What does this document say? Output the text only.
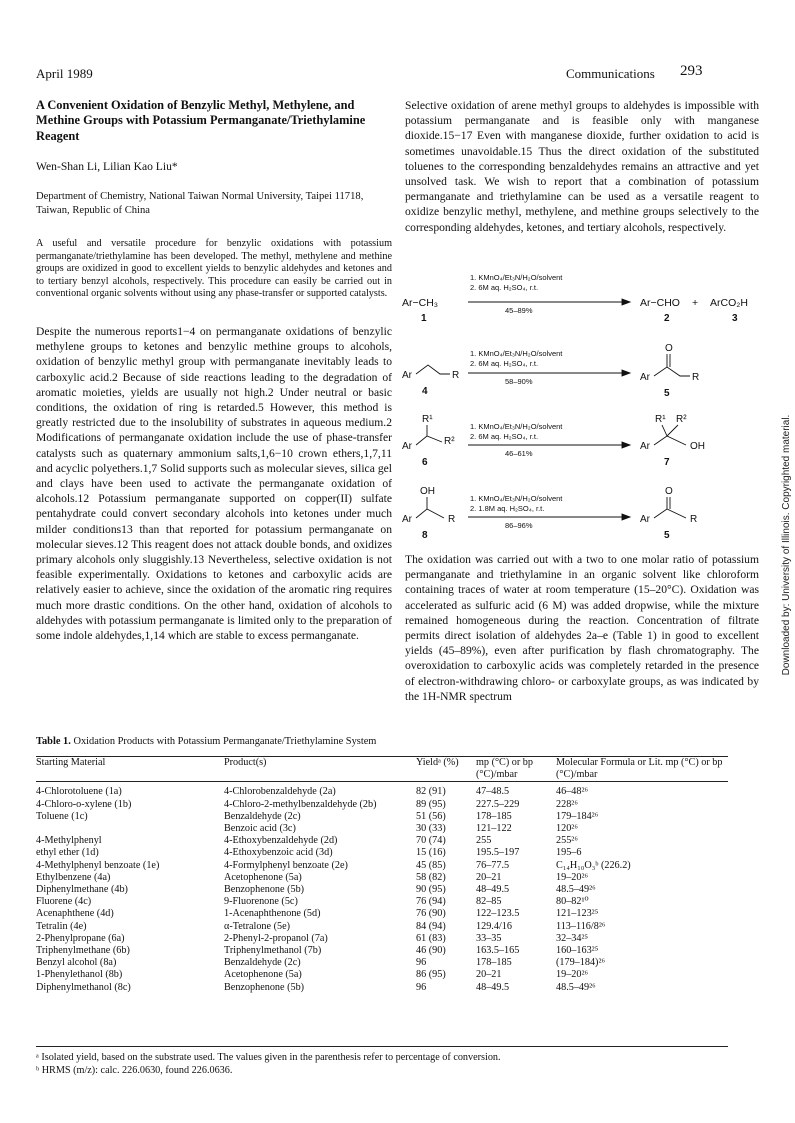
April 1989	Communications 293
A Convenient Oxidation of Benzylic Methyl, Methylene, and Methine Groups with Potassium Permanganate/Triethylamine Reagent
Wen-Shan Li, Lilian Kao Liu*
Department of Chemistry, National Taiwan Normal University, Taipei 11718, Taiwan, Republic of China
A useful and versatile procedure for benzylic oxidations with potassium permanganate/triethylamine has been developed. The methyl, methylene and methine groups are oxidized in good to excellent yields to benzylic aldehydes and ketones and to tertiary benzyl alcohols, respectively. This procedure can easily be carried out in conventional organic solvents without using any phase-transfer or supported catalysts.
Despite the numerous reports1−4 on permanganate oxidations of benzylic methylene groups to ketones and benzylic methine groups to alcohols, oxidation of benzylic methyl group with permanganate inevitably leads to carboxylic acid.2 Because of side reactions leading to the degradation of aromatic moieties, yields are usually not high.2 Under neutral or basic conditions, the oxidation of ring is retarded.5 However, this method is greatly restricted due to the insolubility of substrates in aqueous medium.2 Modifications of permanganate oxidation include the use of phase-transfer catalysts such as quaternary ammonium salts,1,6−10 crown ethers,1,7,11 and acyclic polyethers.1,7 Solid supports such as molecular sieves, silica gel and clays have been used to activate the permanganate oxidation of alcohols.12 Potassium permanganate supported on copper(II) sulfate pentahydrate could convert secondary alcohols into ketones under much milder conditions13 than that reported for potassium permanganate on molecular sieves.12 This reagent does not attack double bonds, and oxidizes primary alcohols only sluggishly.13 Nevertheless, selective oxidation is not feasible experimentally. Oxidations to ketones and carboxylic acids are relatively easier to achieve, since the oxidation of the aromatic ring requires much more drastic conditions. On the other hand, oxidation of alcohols to aldehydes with potassium permanganate is limited only to the preparation of some indole aldehydes,1,14 which are stable to excess permanganate.
Selective oxidation of arene methyl groups to aldehydes is impossible with potassium permanganate and is feasible only with manganese dioxide.15−17 Even with manganese dioxide, further oxidation to acid is sometimes unavoidable.15 Thus the direct oxidation of the substituted toluenes to the corresponding benzaldehydes remains an attractive and yet unsolved task. We wish to report that a combination of potassium permanganate and triethylamine can be used as a versatile reagent to oxidize benzylic methyl, methylene, and methine groups selectively to the corresponding aldehydes, ketones, and tertiary alcohols, respectively.
The oxidation was carried out with a two to one molar ratio of potassium permanganate and triethylamine in an organic solvent like chloroform containing traces of water at room temperature (15–20°C). Oxidation was accelerated as sulfuric acid (6 M) was added dropwise, while the mixture remained homogeneous during the reaction. Concentration of filtrate permits direct isolation of aldehydes 2a–e (Table 1) in good to excellent yields (45–89%), even after purification by flash chromatography. The overoxidation to carboxylic acids was completely retarded in the presence of electron-withdrawing chloro- or carboxylate groups, as was indicated by the 1H-NMR spectrum
Ar−CH₃
1
1. KMnO₄/Et₃N/H₂O/solvent
2. 6M aq. H₂SO₄, r.t.
45–89%
Ar−CHO + ArCO₂H
2	3
Ar	R
4
1. KMnO₄/Et₃N/H₂O/solvent
2. 6M aq. H₂SO₄, r.t.
58–90%
O
Ar	R
5
R¹
Ar	R²
6
1. KMnO₄/Et₃N/H₂O/solvent
2. 6M aq. H₂SO₄, r.t.
46–61%
R¹ R²
Ar	OH
7
OH
Ar	R
8
1. KMnO₄/Et₃N/H₂O/solvent
2. 1.8M aq. H₂SO₄, r.t.
86–96%
O
Ar	R
5
Table 1. Oxidation Products with Potassium Permanganate/Triethylamine System
Starting Material	Product(s)	Yieldᵃ (%)	mp (°C) or bp (°C)/mbar	Molecular Formula or Lit. mp (°C) or bp (°C)/mbar
4-Chlorotoluene (1a)	4-Chlorobenzaldehyde (2a)	82 (91)	47–48.5	46–48²⁶
4-Chloro-o-xylene (1b)	4-Chloro-2-methylbenzaldehyde (2b)	89 (95)	227.5–229	228²⁶
Toluene (1c)	Benzaldehyde (2c)	51 (56)	178–185	179–184²⁶
	Benzoic acid (3c)	30 (33)	121–122	120²⁶
4-Methylphenyl	4-Ethoxybenzaldehyde (2d)	70 (74)	255	255²⁶
ethyl ether (1d)	4-Ethoxybenzoic acid (3d)	15 (16)	195.5–197	195–6
4-Methylphenyl benzoate (1e)	4-Formylphenyl benzoate (2e)	45 (85)	76–77.5	C₁₄H₁₀O₃ᵇ (226.2)
Ethylbenzene (4a)	Acetophenone (5a)	58 (82)	20–21	19–20²⁶
Diphenylmethane (4b)	Benzophenone (5b)	90 (95)	48–49.5	48.5–49²⁶
Fluorene (4c)	9-Fluorenone (5c)	76 (94)	82–85	80–82¹⁰
Acenaphthene (4d)	1-Acenaphthenone (5d)	76 (90)	122–123.5	121–123²⁵
Tetralin (4e)	α-Tetralone (5e)	84 (94)	129.4/16	113–116/8²⁶
2-Phenylpropane (6a)	2-Phenyl-2-propanol (7a)	61 (83)	33–35	32–34²⁵
Triphenylmethane (6b)	Triphenylmethanol (7b)	46 (90)	163.5–165	160–163²⁵
Benzyl alcohol (8a)	Benzaldehyde (2c)	96	178–185	(179–184)²⁶
1-Phenylethanol (8b)	Acetophenone (5a)	86 (95)	20–21	19–20²⁶
Diphenylmethanol (8c)	Benzophenone (5b)	96	48–49.5	48.5–49²⁶
ᵃ Isolated yield, based on the substrate used. The values given in the parenthesis refer to percentage of conversion.
ᵇ HRMS (m/z): calc. 226.0630, found 226.0636.
Downloaded by: University of Illinois. Copyrighted material.
